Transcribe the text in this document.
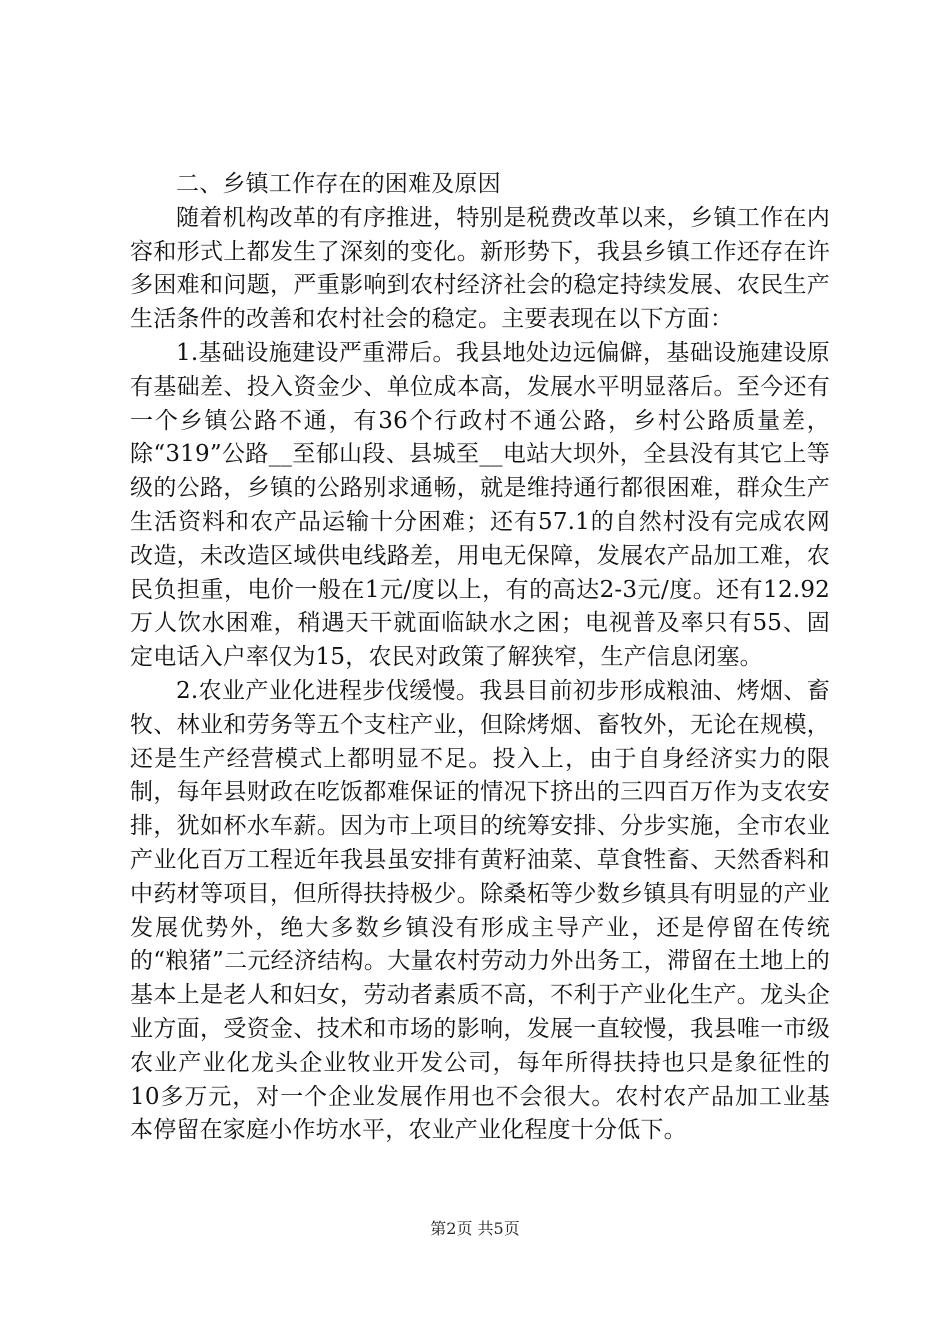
二、乡镇工作存在的困难及原因

随着机构改革的有序推进，特别是税费改革以来，乡镇工作在内容和形式上都发生了深刻的变化。新形势下，我县乡镇工作还存在许多困难和问题，严重影响到农村经济社会的稳定持续发展、农民生产生活条件的改善和农村社会的稳定。主要表现在以下方面：

1.基础设施建设严重滞后。我县地处边远偏僻，基础设施建设原有基础差、投入资金少、单位成本高，发展水平明显落后。至今还有一个乡镇公路不通，有36个行政村不通公路，乡村公路质量差，除“319”公路__至郁山段、县城至__电站大坝外，全县没有其它上等级的公路，乡镇的公路别求通畅，就是维持通行都很困难，群众生产生活资料和农产品运输十分困难；还有57.1的自然村没有完成农网改造，未改造区域供电线路差，用电无保障，发展农产品加工难，农民负担重，电价一般在1元/度以上，有的高达2-3元/度。还有12.92万人饮水困难，稍遇天干就面临缺水之困；电视普及率只有55、固定电话入户率仅为15，农民对政策了解狭窄，生产信息闭塞。

2.农业产业化进程步伐缓慢。我县目前初步形成粮油、烤烟、畜牧、林业和劳务等五个支柱产业，但除烤烟、畜牧外，无论在规模，还是生产经营模式上都明显不足。投入上，由于自身经济实力的限制，每年县财政在吃饭都难保证的情况下挤出的三四百万作为支农安排，犹如杯水车薪。因为市上项目的统筹安排、分步实施，全市农业产业化百万工程近年我县虽安排有黄籽油菜、草食牲畜、天然香料和中药材等项目，但所得扶持极少。除桑柘等少数乡镇具有明显的产业发展优势外，绝大多数乡镇没有形成主导产业，还是停留在传统的“粮猪”二元经济结构。大量农村劳动力外出务工，滞留在土地上的基本上是老人和妇女，劳动者素质不高，不利于产业化生产。龙头企业方面，受资金、技术和市场的影响，发展一直较慢，我县唯一市级农业产业化龙头企业牧业开发公司，每年所得扶持也只是象征性的10多万元，对一个企业发展作用也不会很大。农村农产品加工业基本停留在家庭小作坊水平，农业产业化程度十分低下。

第2页 共5页
